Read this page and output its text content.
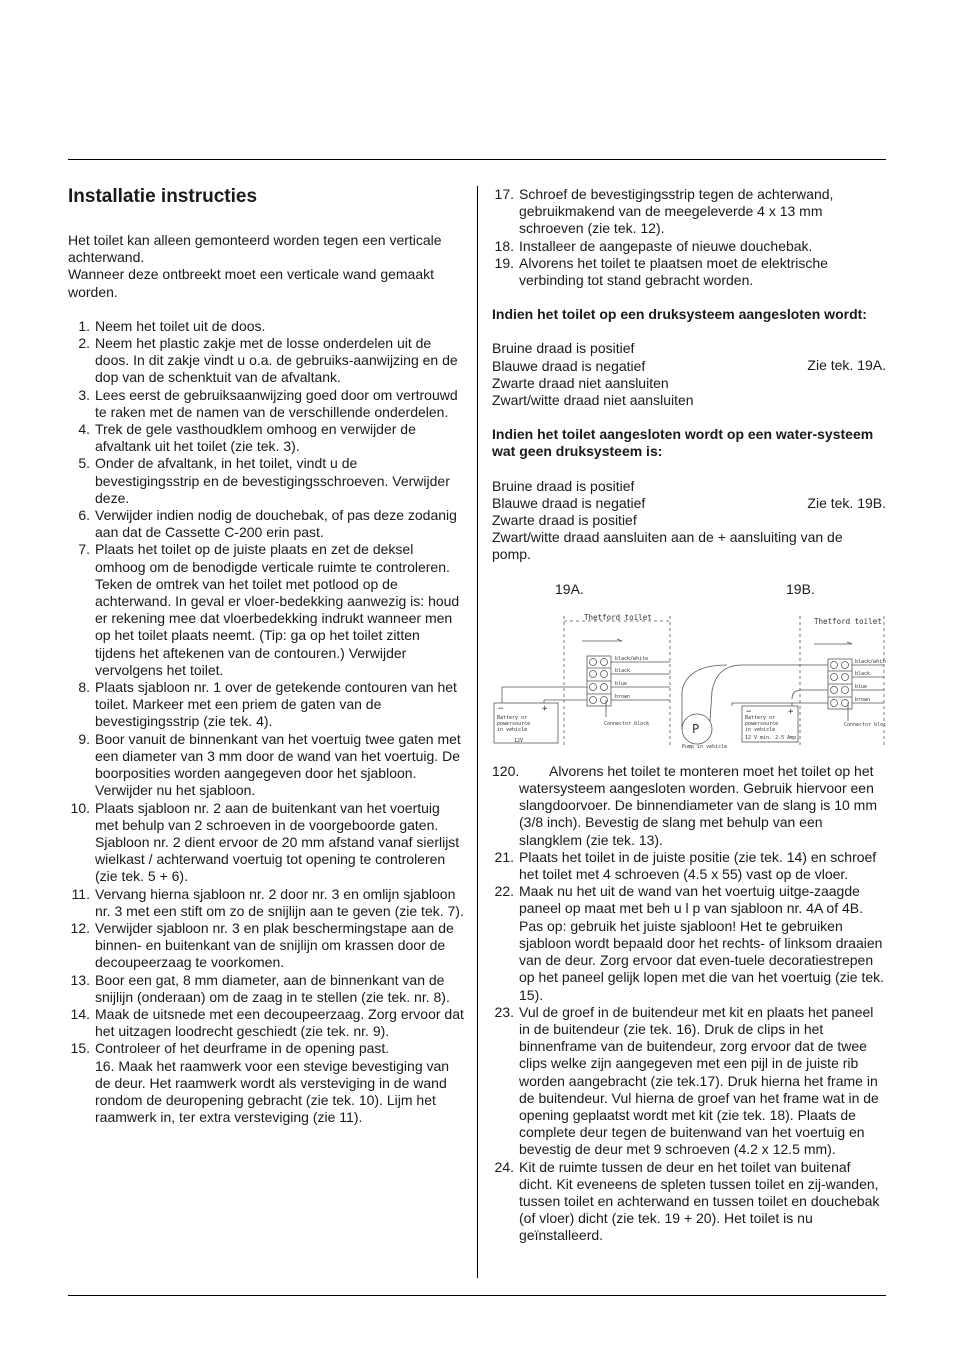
Installatie instructies

Het toilet kan alleen gemonteerd worden tegen een verticale achterwand.

Wanneer deze ontbreekt moet een verticale wand gemaakt worden.

1. Neem het toilet uit de doos.
2. Neem het plastic zakje met de losse onderdelen uit de doos. In dit zakje vindt u o.a. de gebruiks-aanwijzing en de dop van de schenktuit van de afvaltank.
3. Lees eerst de gebruiksaanwijzing goed door om vertrouwd te raken met de namen van de verschillende onderdelen.
4. Trek de gele vasthoudklem omhoog en verwijder de afvaltank uit het toilet (zie tek. 3).
5. Onder de afvaltank, in het toilet, vindt u de bevestigingsstrip en de bevestigingsschroeven. Verwijder deze.
6. Verwijder indien nodig de douchebak, of pas deze zodanig aan dat de Cassette C-200 erin past.
7. Plaats het toilet op de juiste plaats en zet de deksel omhoog om de benodigde verticale ruimte te controleren. Teken de omtrek van het toilet met potlood op de achterwand. In geval er vloer-bedekking aanwezig is: houd er rekening mee dat vloerbedekking indrukt wanneer men op het toilet plaats neemt. (Tip: ga op het toilet zitten tijdens het aftekenen van de contouren.) Verwijder vervolgens het toilet.
8. Plaats sjabloon nr. 1 over de getekende contouren van het toilet. Markeer met een priem de gaten van de bevestigingsstrip (zie tek. 4).
9. Boor vanuit de binnenkant van het voertuig twee gaten met een diameter van 3 mm door de wand van het voertuig. De boorposities worden aangegeven door het sjabloon.
Verwijder nu het sjabloon.
10. Plaats sjabloon nr. 2 aan de buitenkant van het voertuig met behulp van 2 schroeven in de voorgeboorde gaten. Sjabloon nr. 2 dient ervoor de 20 mm afstand vanaf sierlijst wielkast / achterwand voertuig tot opening te controleren (zie tek. 5 + 6).
11. Vervang hierna sjabloon nr. 2 door nr. 3 en omlijn sjabloon nr. 3 met een stift om zo de snijlijn aan te geven (zie tek. 7).
12. Verwijder sjabloon nr. 3 en plak beschermingstape aan de binnen- en buitenkant van de snijlijn om krassen door de decoupeerzaag te voorkomen.
13. Boor een gat, 8 mm diameter, aan de binnenkant van de snijlijn (onderaan) om de zaag in te stellen (zie tek. nr. 8).
14. Maak de uitsnede met een decoupeerzaag. Zorg ervoor dat het uitzagen loodrecht geschiedt (zie tek. nr. 9).
15. Controleer of het deurframe in de opening past.

16. Maak het raamwerk voor een stevige bevestiging van de deur. Het raamwerk wordt als versteviging in de wand rondom de deuropening gebracht (zie tek. 10). Lijm het raamwerk in, ter extra versteviging (zie 11).

17. Schroef de bevestigingsstrip tegen de achterwand, gebruikmakend van de meegeleverde 4 x 13 mm schroeven (zie tek. 12).
18. Installeer de aangepaste of nieuwe douchebak.
19. Alvorens het toilet te plaatsen moet de elektrische verbinding tot stand gebracht worden.

Indien het toilet op een druksysteem aangesloten wordt:

Bruine draad is positief

Blauwe draad is negatief

Zwarte draad niet aansluiten

Zwart/witte draad niet aansluiten

Zie tek. 19A.

Indien het toilet aangesloten wordt op een water-systeem wat geen druksysteem is:

Bruine draad is positief

Blauwe draad is negatief

Zwarte draad is positief

Zie tek. 19B.

Zwart/witte draad aansluiten aan de + aansluiting van de pomp.

19A.	19B.
Thetford toilet	Thetford toilet
black/white
black
blue
brown
black/white
black
blue
brown
Connector block	Connector block
Battery or
powersource
in vehicle
12V
Battery or
powersource
in vehicle
12 V min. 2.5 Amp
Pump in vehicle
−	+	−	+
P
120.	Alvorens het toilet te monteren moet het toilet op het watersysteem aangesloten worden. Gebruik hiervoor een slangdoorvoer. De binnendiameter van de slang is 10 mm (3/8 inch). Bevestig de slang met behulp van een slangklem (zie tek. 13).
21. Plaats het toilet in de juiste positie (zie tek. 14) en schroef het toilet met 4 schroeven (4.5 x 55) vast op de vloer.
22. Maak nu het uit de wand van het voertuig uitge-zaagde paneel op maat met beh u l p van sjabloon nr. 4A of 4B. Pas op: gebruik het juiste sjabloon! Het te gebruiken sjabloon wordt bepaald door het rechts- of linksom draaien van de deur. Zorg ervoor dat even-tuele decoratiestrepen op het paneel gelijk lopen met die van het voertuig (zie tek. 15).
23. Vul de groef in de buitendeur met kit en plaats het paneel in de buitendeur (zie tek. 16). Druk de clips in het binnenframe van de buitendeur, zorg ervoor dat de twee clips welke zijn aangegeven met een pijl in de juiste rib worden aangebracht (zie tek.17). Druk hierna het frame in de buitendeur. Vul hierna de groef van het frame wat in de opening geplaatst wordt met kit (zie tek. 18). Plaats de complete deur tegen de buitenwand van het voertuig en bevestig de deur met 9 schroeven (4.2 x 12.5 mm).
24. Kit de ruimte tussen de deur en het toilet van buitenaf dicht. Kit eveneens de spleten tussen toilet en zij-wanden, tussen toilet en achterwand en tussen toilet en douchebak (of vloer) dicht (zie tek. 19 + 20). Het toilet is nu geïnstalleerd.
